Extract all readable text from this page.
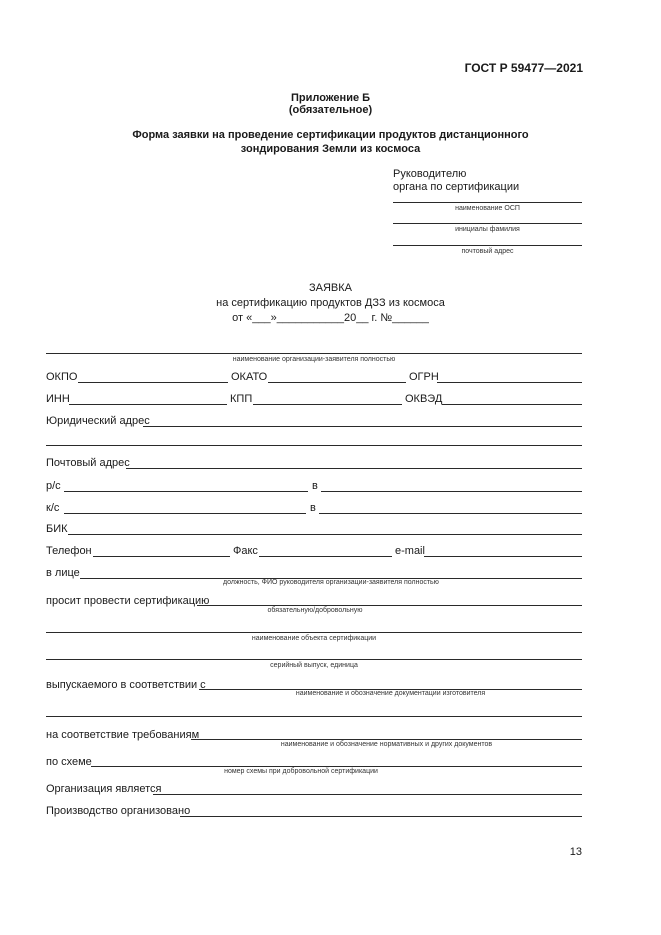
ГОСТ Р 59477—2021
Приложение Б
(обязательное)
Форма заявки на проведение сертификации продуктов дистанционного
зондирования Земли из космоса
Руководителю
органа по сертификации
наименование ОСП
инициалы фамилия
почтовый адрес
ЗАЯВКА
на сертификацию продуктов ДЗЗ из космоса
от «___»___________20__ г. №______
наименование организации-заявителя полностью
ОКПО	ОКАТО	ОГРН
ИНН	КПП	ОКВЭД
Юридический адрес
Почтовый адрес
р/с	в
к/с	в
БИК
Телефон	Факс	e-mail
в лице
должность, ФИО руководителя организации-заявителя полностью
просит провести сертификацию
обязательную/добровольную
наименование объекта сертификации
серийный выпуск, единица
выпускаемого в соответствии с
наименование и обозначение документации изготовителя
на соответствие требованиям
наименование и обозначение нормативных и других документов
по схеме
номер схемы при добровольной сертификации
Организация является
Производство организовано
13
